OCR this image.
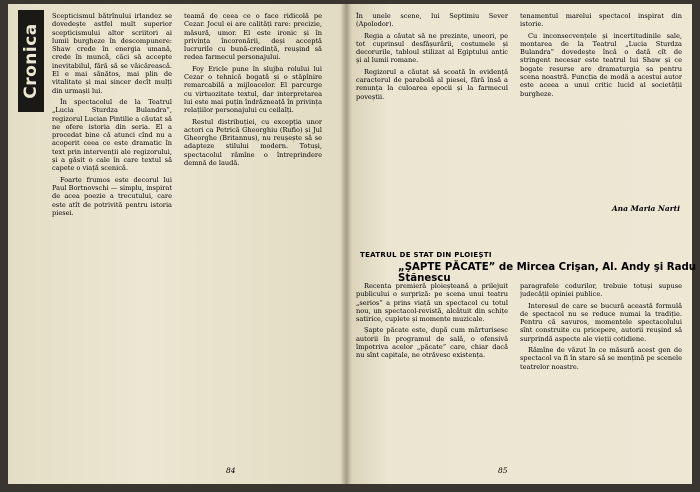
Cronica

Scepticismul bătrînului irlandez se dovedește astfel mult superior scepticismului altor scriitori ai lumii burgheze în descompunere: Shaw crede în energia umană, crede în muncă, căci să accepte inevitabilul, fără să se văicărească. El e mai sănătos, mai plin de vitalitate și mai sincer decît mulți din urmașii lui.

În spectacolul de la Teatrul „Lucia Sturdza Bulandra”, regizorul Lucian Pintilie a căutat să ne ofere istoria din seria. El a procedat bine că atunci cînd nu a acoperit ceea ce este dramatic în text prin intervenții ale regizorului, și a găsit o cale în care textul să capete o viață scenică.

Foarte frumos este decorul lui Paul Bortnovschi — simplu, inspirat de acea poezie a trecutului, care este atît de potrivită pentru istoria piesei.

teamă de ceea ce o face ridicolă pe Cezar. Jocul ei are calități rare: precizie, măsură, umor. El este ironic și în privința încoronării, deși acceptă lucrurile cu bună-credință, reușind să redea farmecul personajului.

Foy Ericle pune în slujba rolului lui Cezar o tehnică bogată și o stăpînire remarcabilă a mijloacelor. El parcurge cu virtuozitate textul, dar interpretarea lui este mai puțin îndrăzneață în privința relațiilor personajului cu ceilalți.

Restul distribuției, cu excepția unor actori ca Petrică Gheorghiu (Rufio) și Jul Gheorghe (Britannus), nu reușește să se adapteze stilului modern. Totuși, spectacolul rămîne o întreprindere demnă de laudă.

84

În unele scene, lui Septimiu Sever (Apolodor).

Regia a căutat să ne prezinte, uneori, pe tot cuprinsul desfășurării, costumele și decorurile, tabloul stilizat al Egiptului antic și al lumii romane.

Regizorul a căutat să scoată în evidență caracterul de parabolă al piesei, fără însă a renunța la culoarea epocii și la farmecul poveștii.

tenamentul marelui spectacol inspirat din istorie.

Cu inconsecvențele și incertitudinile sale, montarea de la Teatrul „Lucia Sturdza Bulandra” dovedește încă o dată cît de stringent necesar este teatrul lui Shaw și ce bogate resurse are dramaturgia sa pentru scena noastră. Funcția de modă a acestui autor este aceea a unui critic lucid al societății burgheze.

Ana Maria Narti
TEATRUL DE STAT DIN PLOIEȘTI
„ŞAPTE PĂCATE” de Mircea Crişan, Al. Andy şi Radu Stănescu

Recenta premieră ploieșteană a prilejuit publicului o surpriză: pe scena unui teatru „serios” a prins viață un spectacol cu totul nou, un spectacol-revistă, alcătuit din schițe satirice, cuplete și momente muzicale.

Șapte păcate este, după cum mărturisesc autorii în programul de sală, o ofensivă împotriva acelor „păcate” care, chiar dacă nu sînt capitale, ne otrăvesc existența.

paragrafele codurilor, trebuie totuși supuse judecății opiniei publice.

Interesul de care se bucură această formulă de spectacol nu se reduce numai la tradiție. Pentru că savuros, momentele spectacolului sînt construite cu pricepere, autorii reușind să surprindă aspecte ale vieții cotidiene.

Rămîne de văzut în ce măsură acest gen de spectacol va fi în stare să se mențină pe scenele teatrelor noastre.

85
